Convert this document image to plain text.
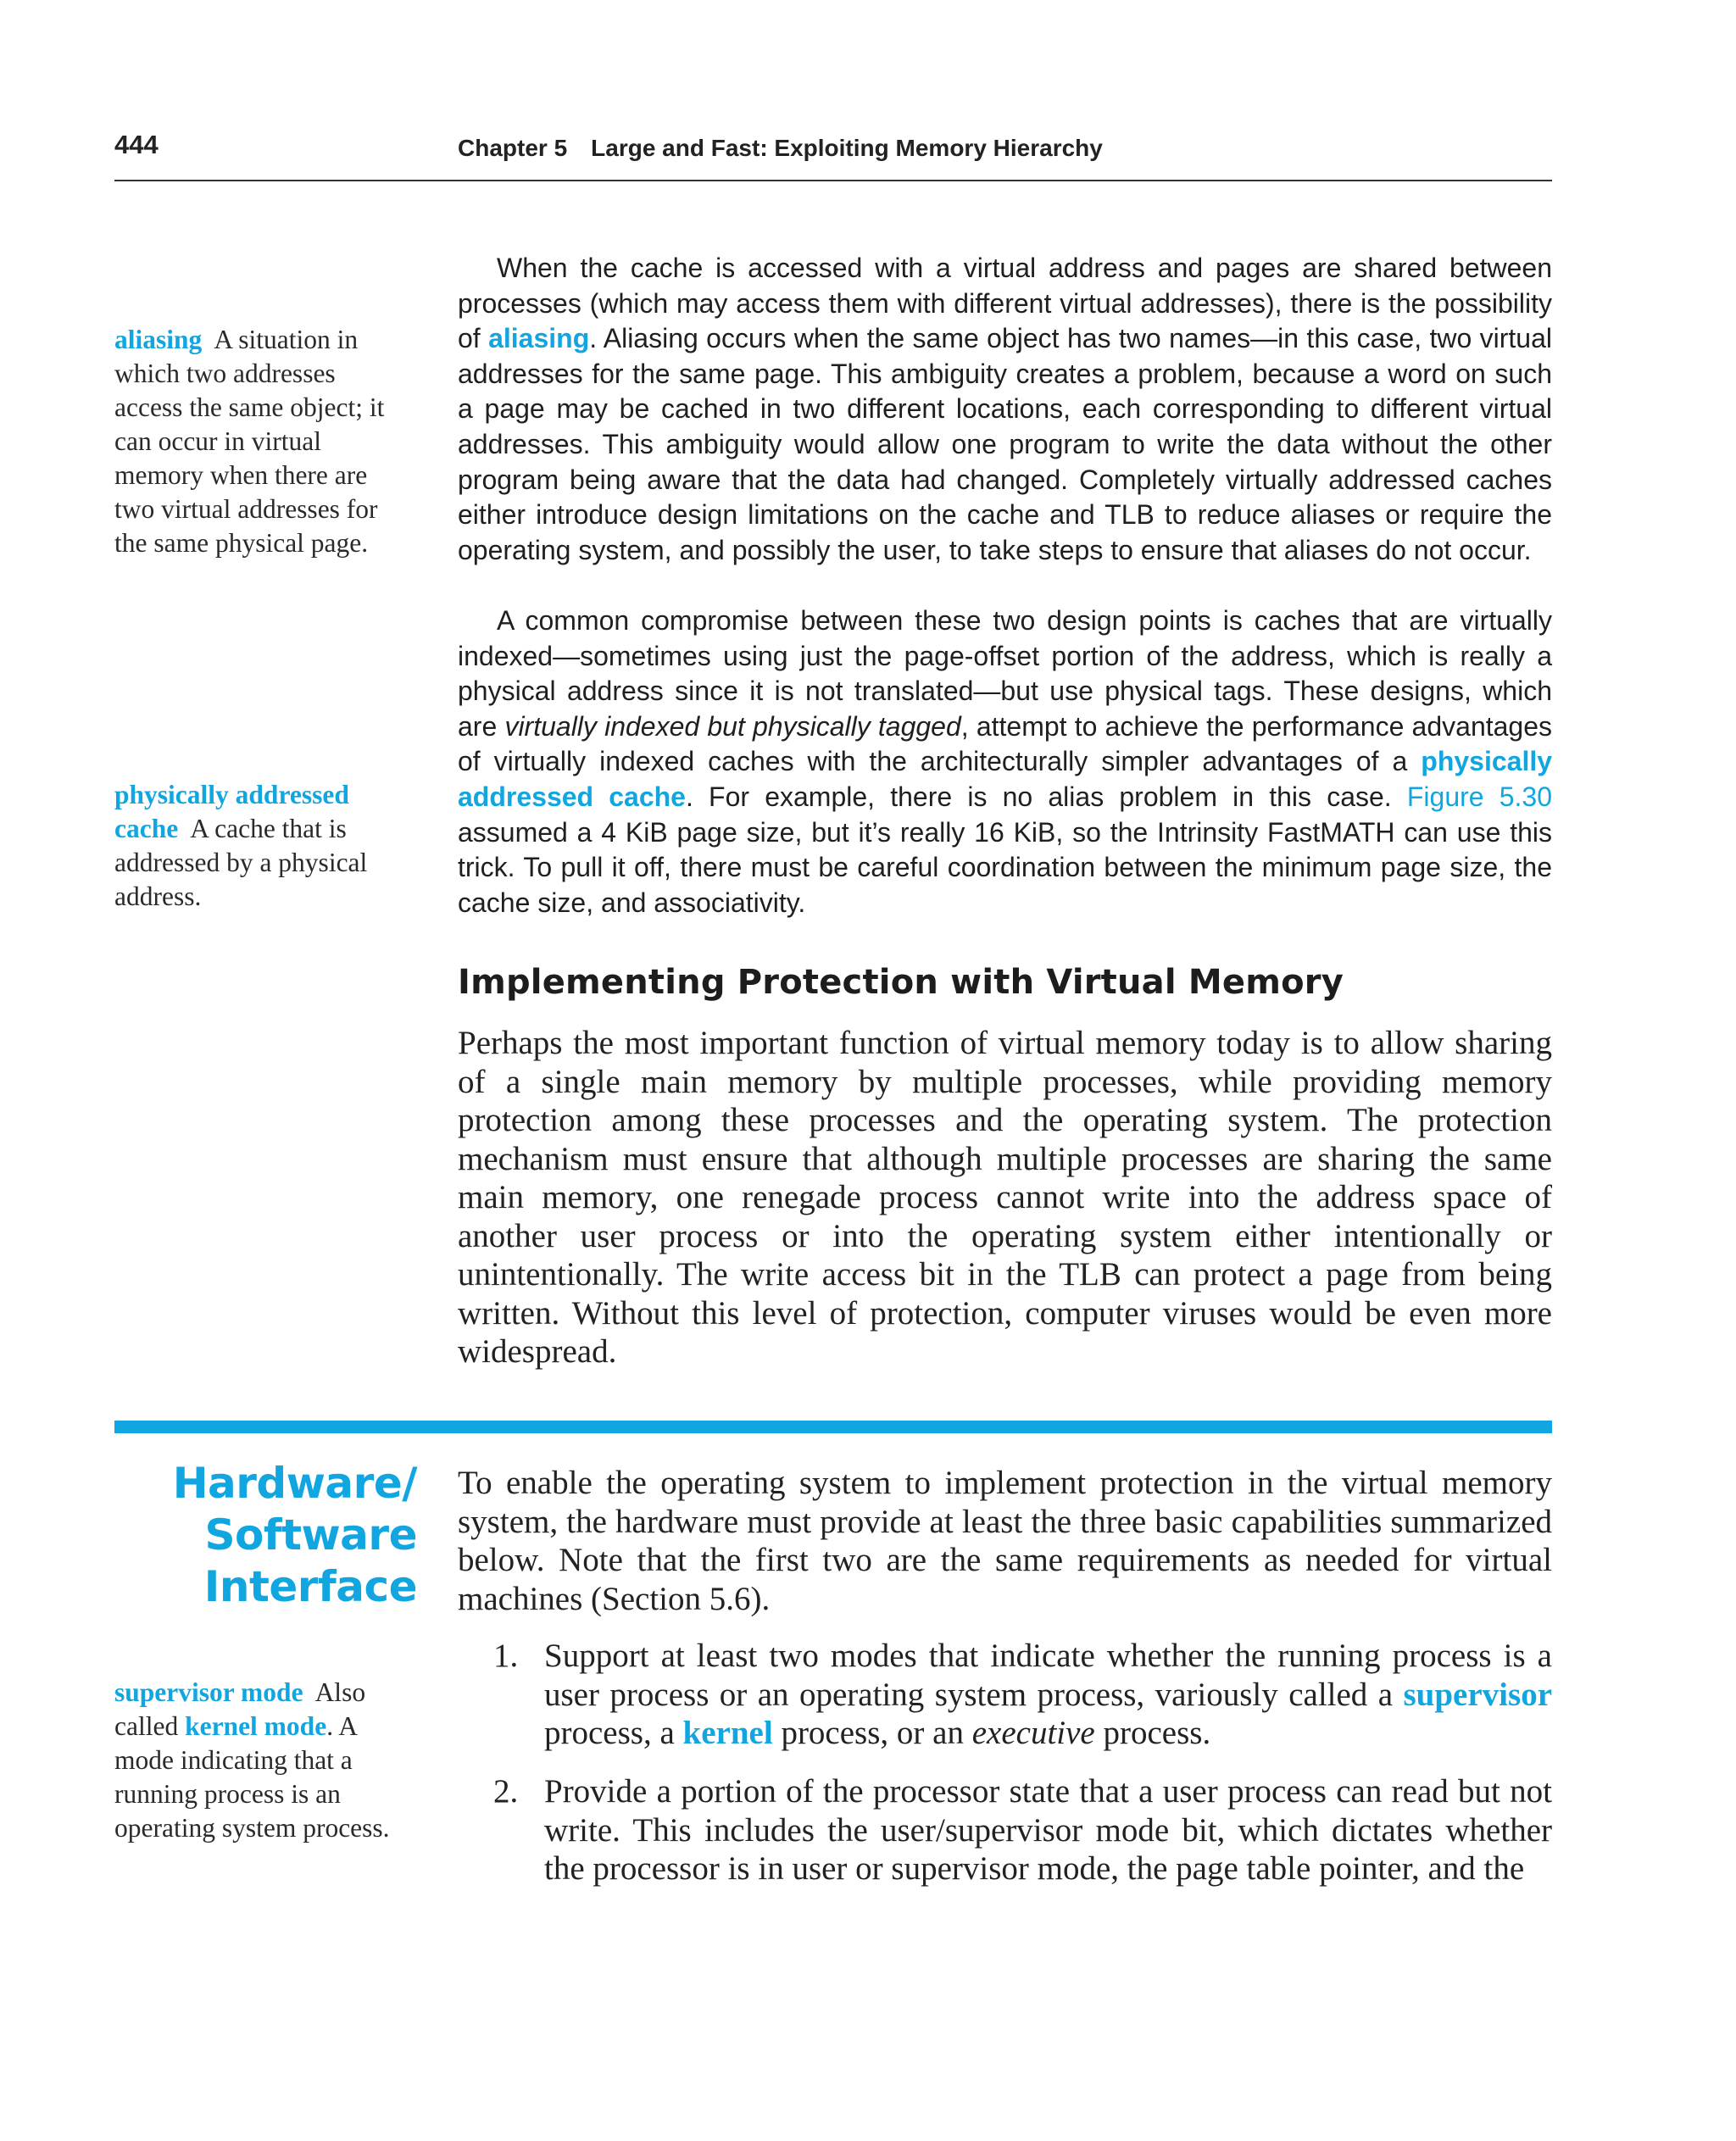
444	Chapter 5 Large and Fast: Exploiting Memory Hierarchy

aliasing A situation in which two addresses access the same object; it can occur in virtual memory when there are two virtual addresses for the same physical page.

When the cache is accessed with a virtual address and pages are shared between processes (which may access them with different virtual addresses), there is the possibility of aliasing. Aliasing occurs when the same object has two names—in this case, two virtual addresses for the same page. This ambiguity creates a problem, because a word on such a page may be cached in two different locations, each corresponding to different virtual addresses. This ambiguity would allow one program to write the data without the other program being aware that the data had changed. Completely virtually addressed caches either introduce design limitations on the cache and TLB to reduce aliases or require the operating system, and possibly the user, to take steps to ensure that aliases do not occur.

A common compromise between these two design points is caches that are virtually indexed—sometimes using just the page-offset portion of the address, which is really a physical address since it is not translated—but use physical tags. These designs, which are virtually indexed but physically tagged, attempt to achieve the performance advantages of virtually indexed caches with the architecturally simpler advantages of a physically addressed cache. For example, there is no alias problem in this case. Figure 5.30 assumed a 4 KiB page size, but it’s really 16 KiB, so the Intrinsity FastMATH can use this trick. To pull it off, there must be careful coordination between the minimum page size, the cache size, and associativity.

physically addressed cache A cache that is addressed by a physical address.

Implementing Protection with Virtual Memory

Perhaps the most important function of virtual memory today is to allow sharing of a single main memory by multiple processes, while providing memory protection among these processes and the operating system. The protection mechanism must ensure that although multiple processes are sharing the same main memory, one renegade process cannot write into the address space of another user process or into the operating system either intentionally or unintentionally. The write access bit in the TLB can protect a page from being written. Without this level of protection, computer viruses would be even more widespread.

Hardware/
Software
Interface

To enable the operating system to implement protection in the virtual memory system, the hardware must provide at least the three basic capabilities summarized below. Note that the first two are the same requirements as needed for virtual machines (Section 5.6).

supervisor mode Also called kernel mode. A mode indicating that a running process is an operating system process.

1. Support at least two modes that indicate whether the running process is a user process or an operating system process, variously called a supervisor process, a kernel process, or an executive process.

2. Provide a portion of the processor state that a user process can read but not write. This includes the user/supervisor mode bit, which dictates whether the processor is in user or supervisor mode, the page table pointer, and the
